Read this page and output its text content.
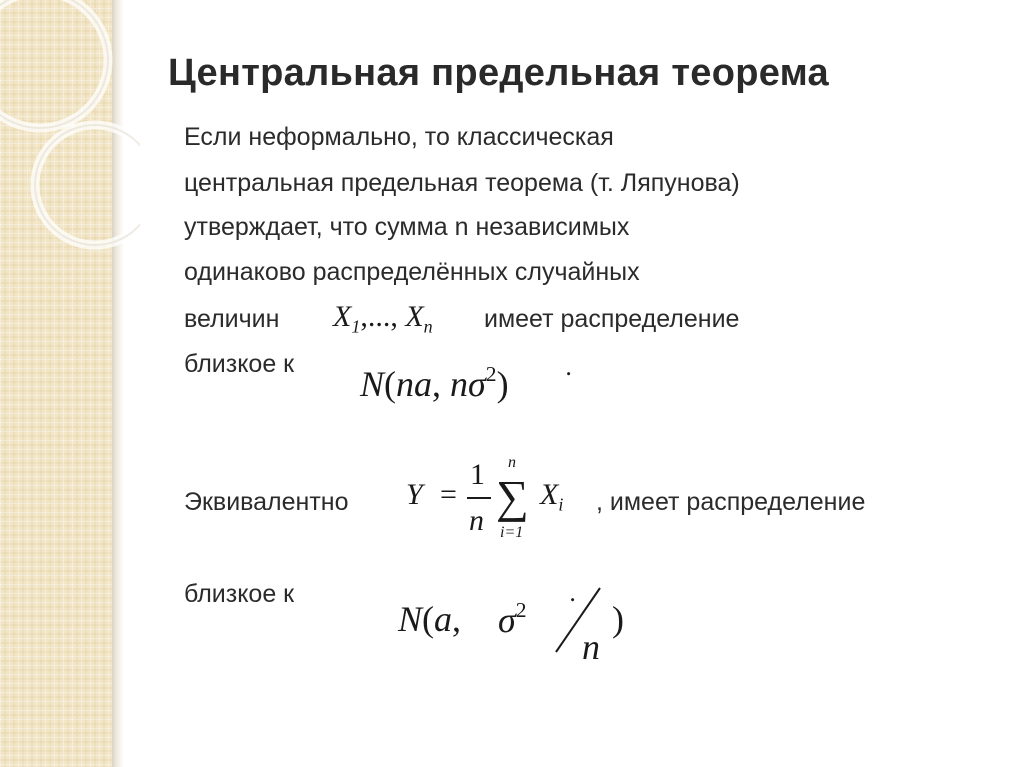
Центральная предельная теорема
Если неформально, то классическая
центральная предельная теорема (т. Ляпунова)
утверждает, что сумма n независимых
одинаково распределённых случайных
величин	имеет распределение
близкое к
$X_1$,..., $X_n$
N(na, $n\sigma^2$) .
Эквивалентно Y =
1
n
n
∑
i=1
$X_i$ , имеет распределение
близкое к
N(a, $\sigma^2$
.
n
)
